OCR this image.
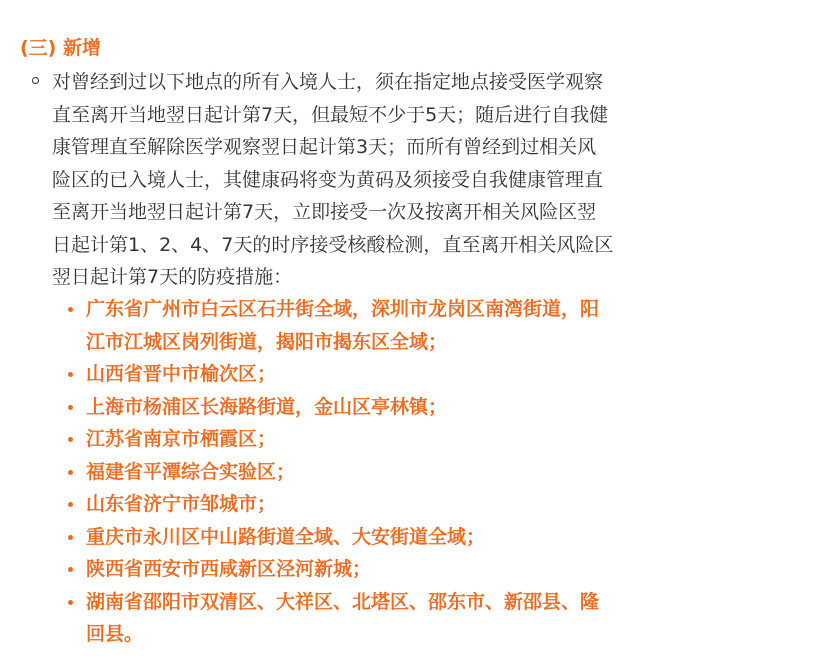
(三) 新增
对曾经到过以下地点的所有入境人士，须在指定地点接受医学观察
直至离开当地翌日起计第7天，但最短不少于5天；随后进行自我健
康管理直至解除医学观察翌日起计第3天；而所有曾经到过相关风
险区的已入境人士，其健康码将变为黄码及须接受自我健康管理直
至离开当地翌日起计第7天，立即接受一次及按离开相关风险区翌
日起计第1、2、4、7天的时序接受核酸检测，直至离开相关风险区
翌日起计第7天的防疫措施：
广东省广州市白云区石井街全域，深圳市龙岗区南湾街道，阳
江市江城区岗列街道，揭阳市揭东区全域；
山西省晋中市榆次区；
上海市杨浦区长海路街道，金山区亭林镇；
江苏省南京市栖霞区；
福建省平潭综合实验区；
山东省济宁市邹城市；
重庆市永川区中山路街道全域、大安街道全域；
陕西省西安市西咸新区泾河新城；
湖南省邵阳市双清区、大祥区、北塔区、邵东市、新邵县、隆
回县。
